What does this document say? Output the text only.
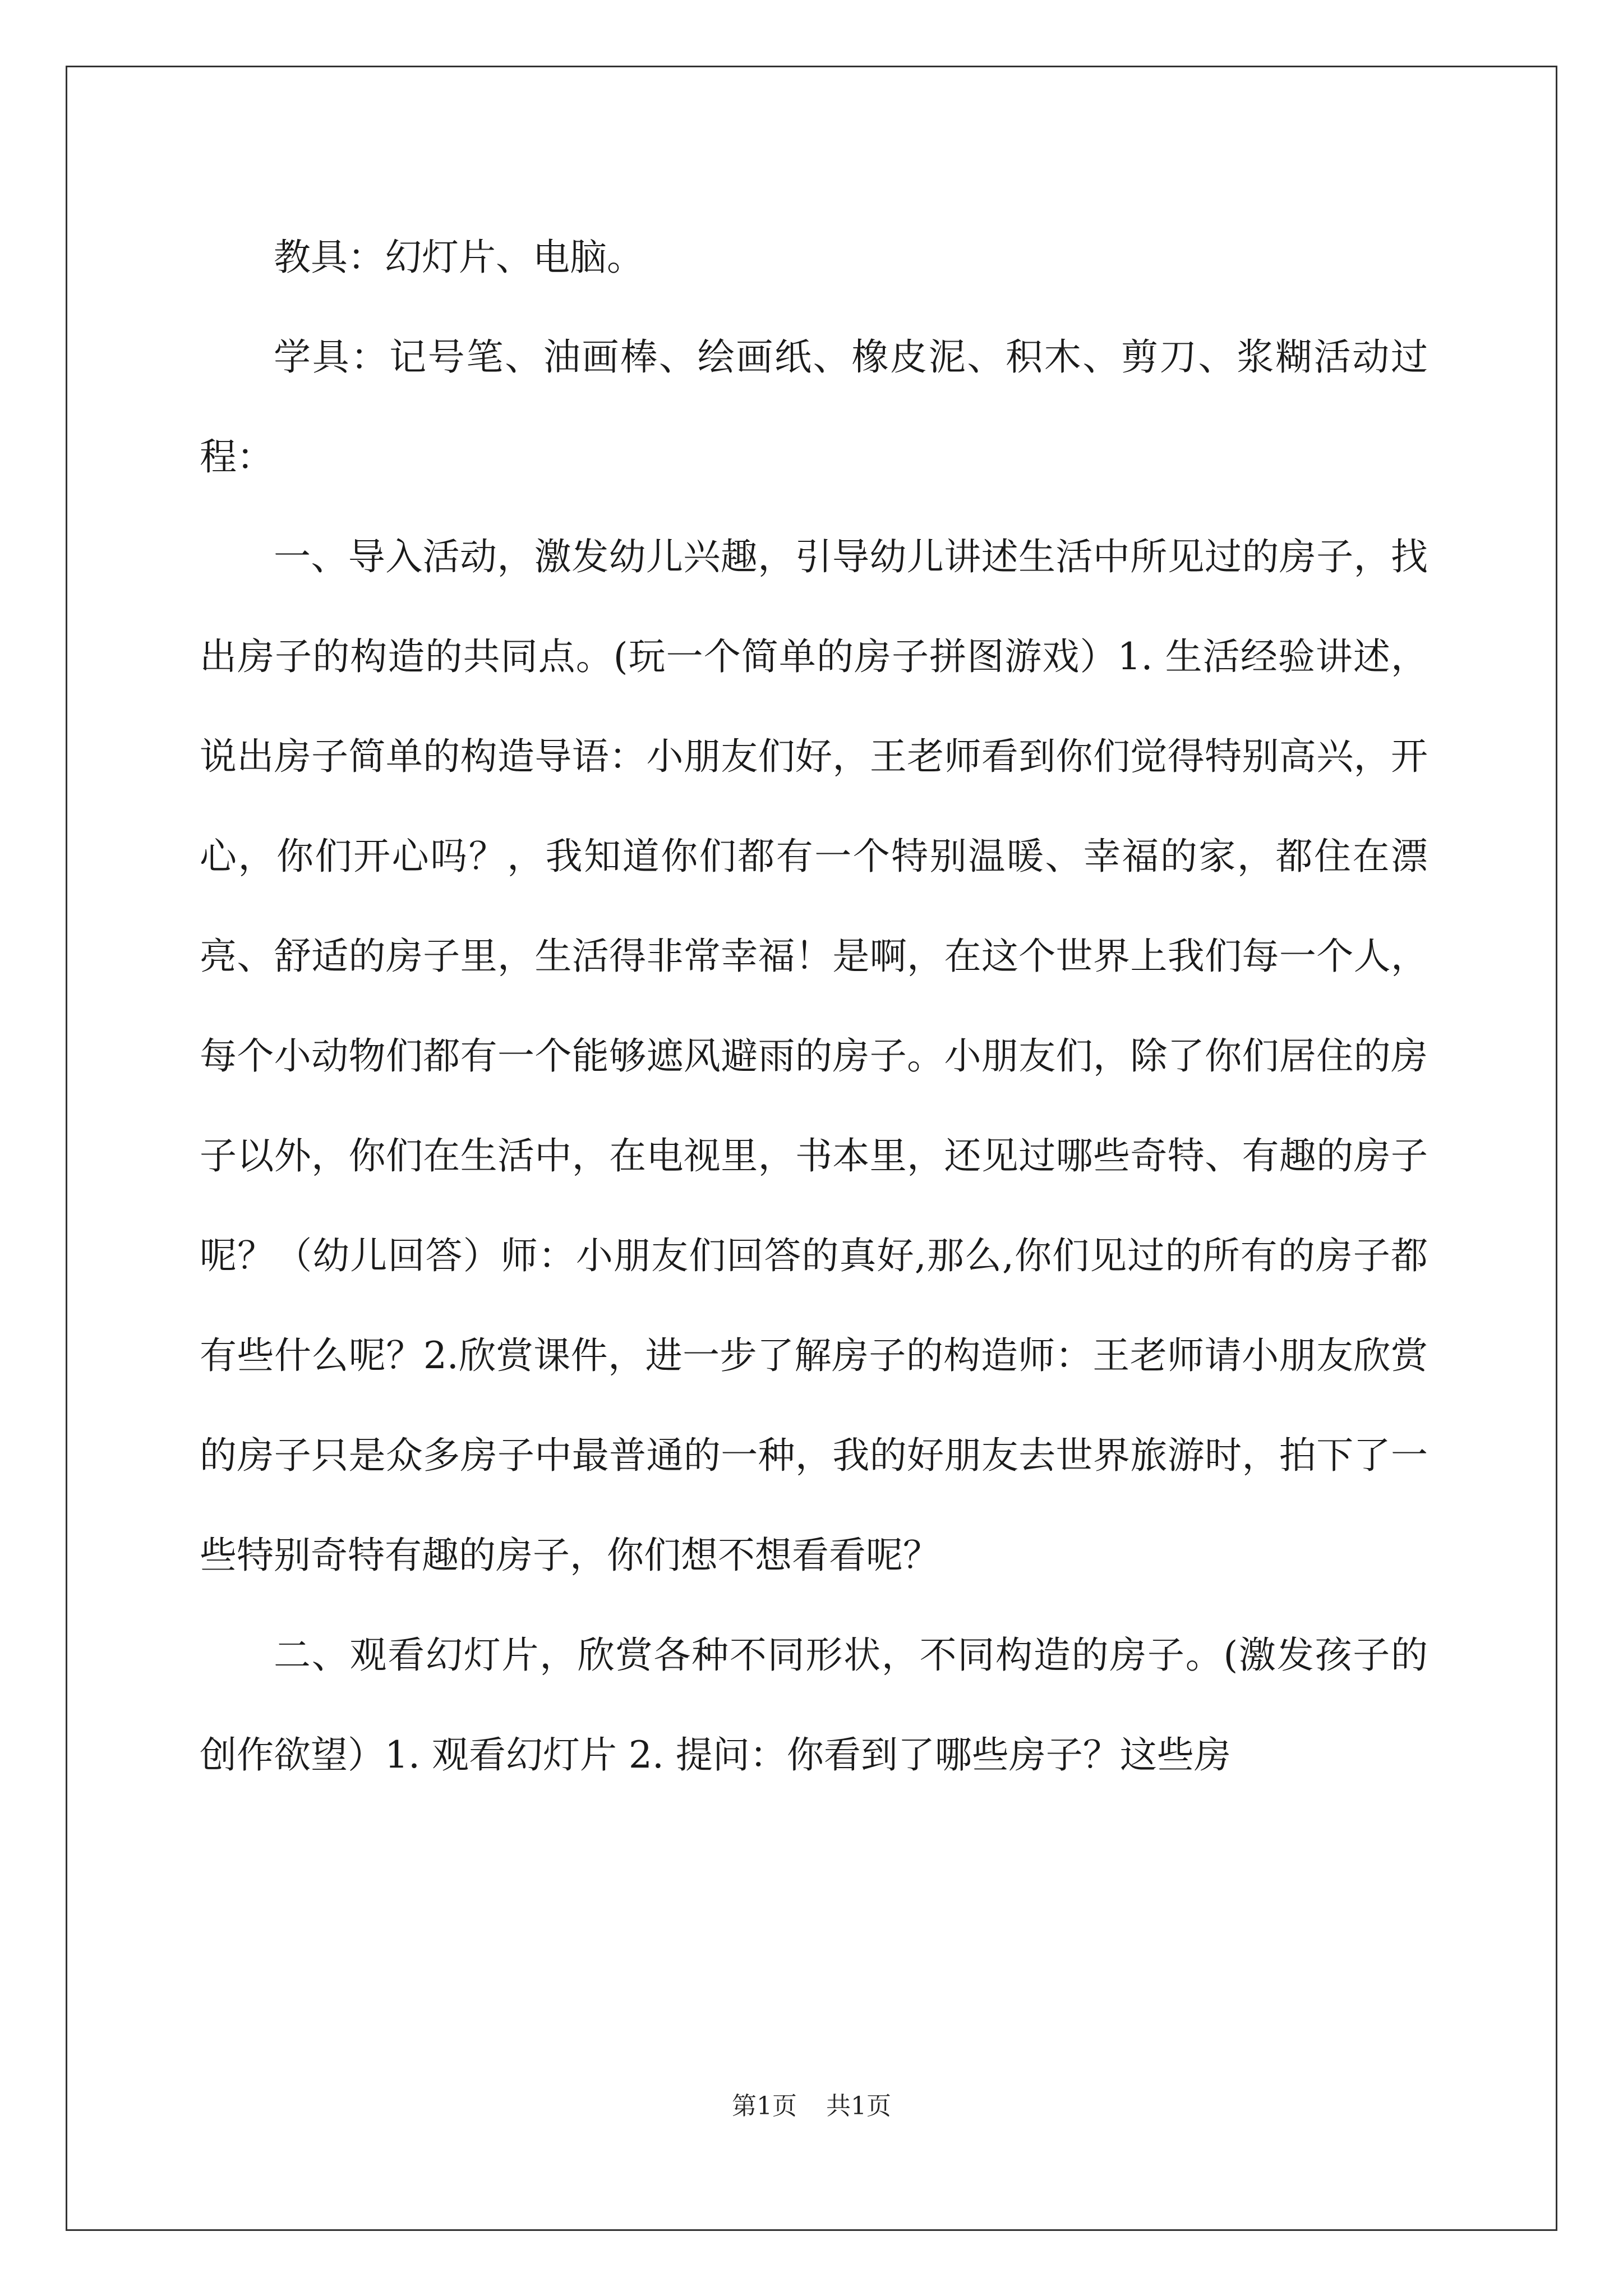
教具：幻灯片、电脑。

学具：记号笔、油画棒、绘画纸、橡皮泥、积木、剪刀、浆糊活动过程：

一、导入活动，激发幼儿兴趣，引导幼儿讲述生活中所见过的房子，找出房子的构造的共同点。(玩一个简单的房子拼图游戏）1. 生活经验讲述，说出房子简单的构造导语：小朋友们好，王老师看到你们觉得特别高兴，开心，你们开心吗？，我知道你们都有一个特别温暖、幸福的家，都住在漂亮、舒适的房子里，生活得非常幸福！是啊，在这个世界上我们每一个人，每个小动物们都有一个能够遮风避雨的房子。小朋友们，除了你们居住的房子以外，你们在生活中，在电视里，书本里，还见过哪些奇特、有趣的房子呢？（幼儿回答）师：小朋友们回答的真好,那么,你们见过的所有的房子都有些什么呢？2.欣赏课件，进一步了解房子的构造师：王老师请小朋友欣赏的房子只是众多房子中最普通的一种，我的好朋友去世界旅游时，拍下了一些特别奇特有趣的房子，你们想不想看看呢？

二、观看幻灯片，欣赏各种不同形状，不同构造的房子。(激发孩子的创作欲望）1. 观看幻灯片 2. 提问：你看到了哪些房子？这些房

第1页 共1页
